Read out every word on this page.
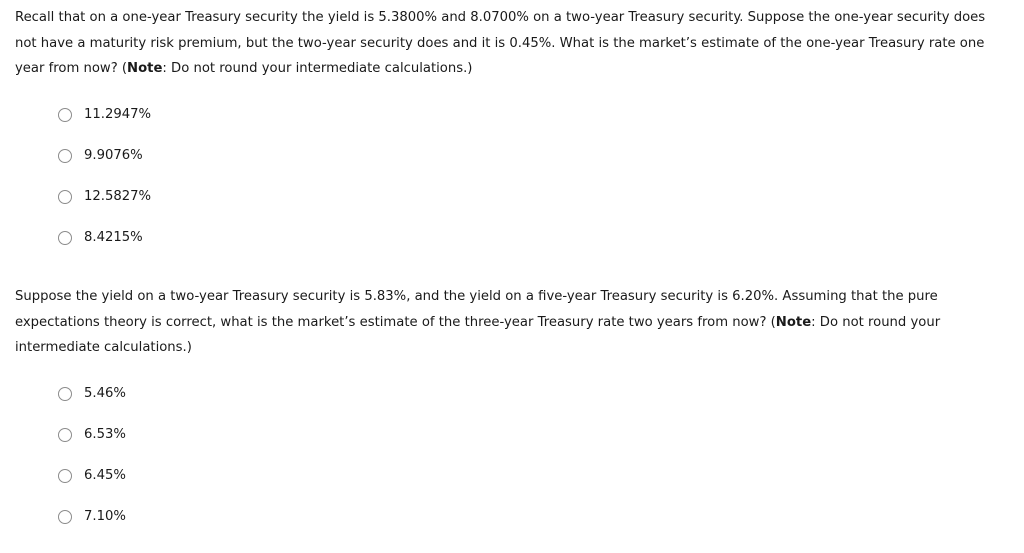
Recall that on a one-year Treasury security the yield is 5.3800% and 8.0700% on a two-year Treasury security. Suppose the one-year security does not have a maturity risk premium, but the two-year security does and it is 0.45%. What is the market’s estimate of the one-year Treasury rate one year from now? (Note: Do not round your intermediate calculations.)

11.2947%
9.9076%
12.5827%
8.4215%

Suppose the yield on a two-year Treasury security is 5.83%, and the yield on a five-year Treasury security is 6.20%. Assuming that the pure expectations theory is correct, what is the market’s estimate of the three-year Treasury rate two years from now? (Note: Do not round your intermediate calculations.)

5.46%
6.53%
6.45%
7.10%
